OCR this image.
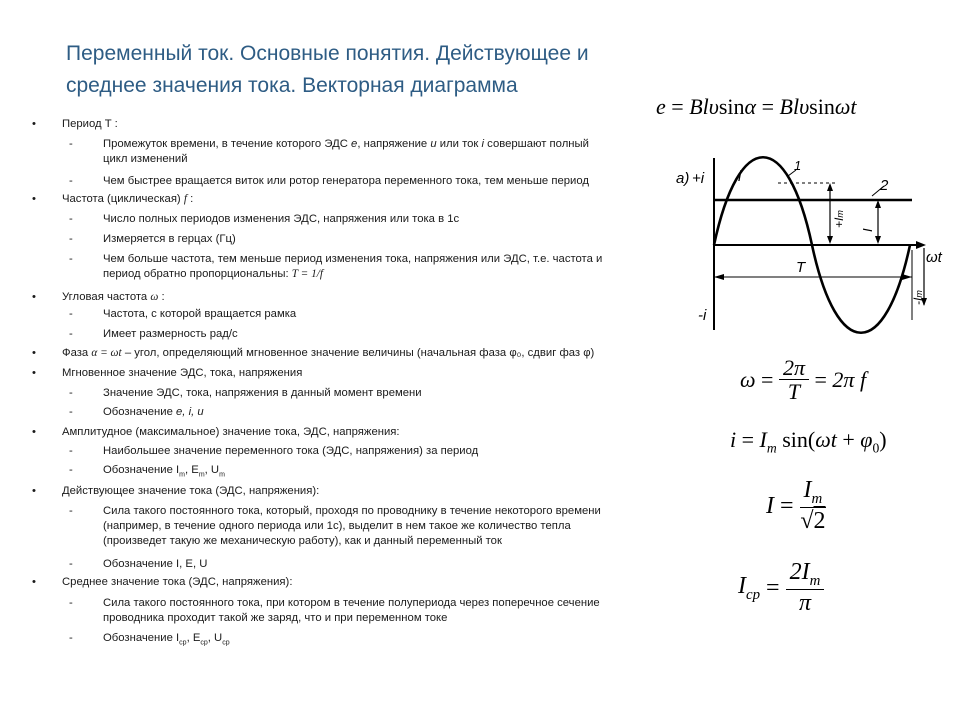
Переменный ток. Основные понятия. Действующее и
среднее значения тока. Векторная диаграмма
• Период T :
-	Промежуток времени, в течение которого ЭДС e, напряжение u или ток i совершают полный
цикл изменений
-	Чем быстрее вращается виток или ротор генератора переменного тока, тем меньше период
• Частота (циклическая) f :
-	Число полных периодов изменения ЭДС, напряжения или тока в 1с
-	Измеряется в герцах (Гц)
-	Чем больше частота, тем меньше период изменения тока, напряжения или ЭДС, т.е. частота и
период обратно пропорциональны: T = 1/f
• Угловая частота ω :
-	Частота, с которой вращается рамка
-	Имеет размерность рад/с
• Фаза α = ωt – угол, определяющий мгновенное значение величины (начальная фаза φ₀, сдвиг фаз φ)
• Мгновенное значение ЭДС, тока, напряжения
-	Значение ЭДС, тока, напряжения в данный момент времени
-	Обозначение e, i, u
• Амплитудное (максимальное) значение тока, ЭДС, напряжения:
-	Наибольшее значение переменного тока (ЭДС, напряжения) за период
-	Обозначение $I_m$, $E_m$, $U_m$
• Действующее значение тока (ЭДС, напряжения):
-	Сила такого постоянного тока, который, проходя по проводнику в течение некоторого времени
(например, в течение одного периода или 1с), выделит в нем такое же количество тепла
(произведет такую же механическую работу), как и данный переменный ток
-	Обозначение I, E, U
• Среднее значение тока (ЭДС, напряжения):
-	Сила такого постоянного тока, при котором в течение полупериода через поперечное сечение
проводника проходит такой же заряд, что и при переменном токе
-	Обозначение $I_{cp}$, $E_{cp}$, $U_{cp}$
e = Blυsinα = Blυsinωt
a) +i
-i
i
1
2
+Im
I
T
ωt
-Im
$\omega = \frac{2\pi}{T} = 2\pi$ f
$i = I_m$ $\sin(\omega t + \varphi_0)$
$I = \frac{I_m}{√2}$
$I_{cp} = \frac{2I_m}{\pi}$
